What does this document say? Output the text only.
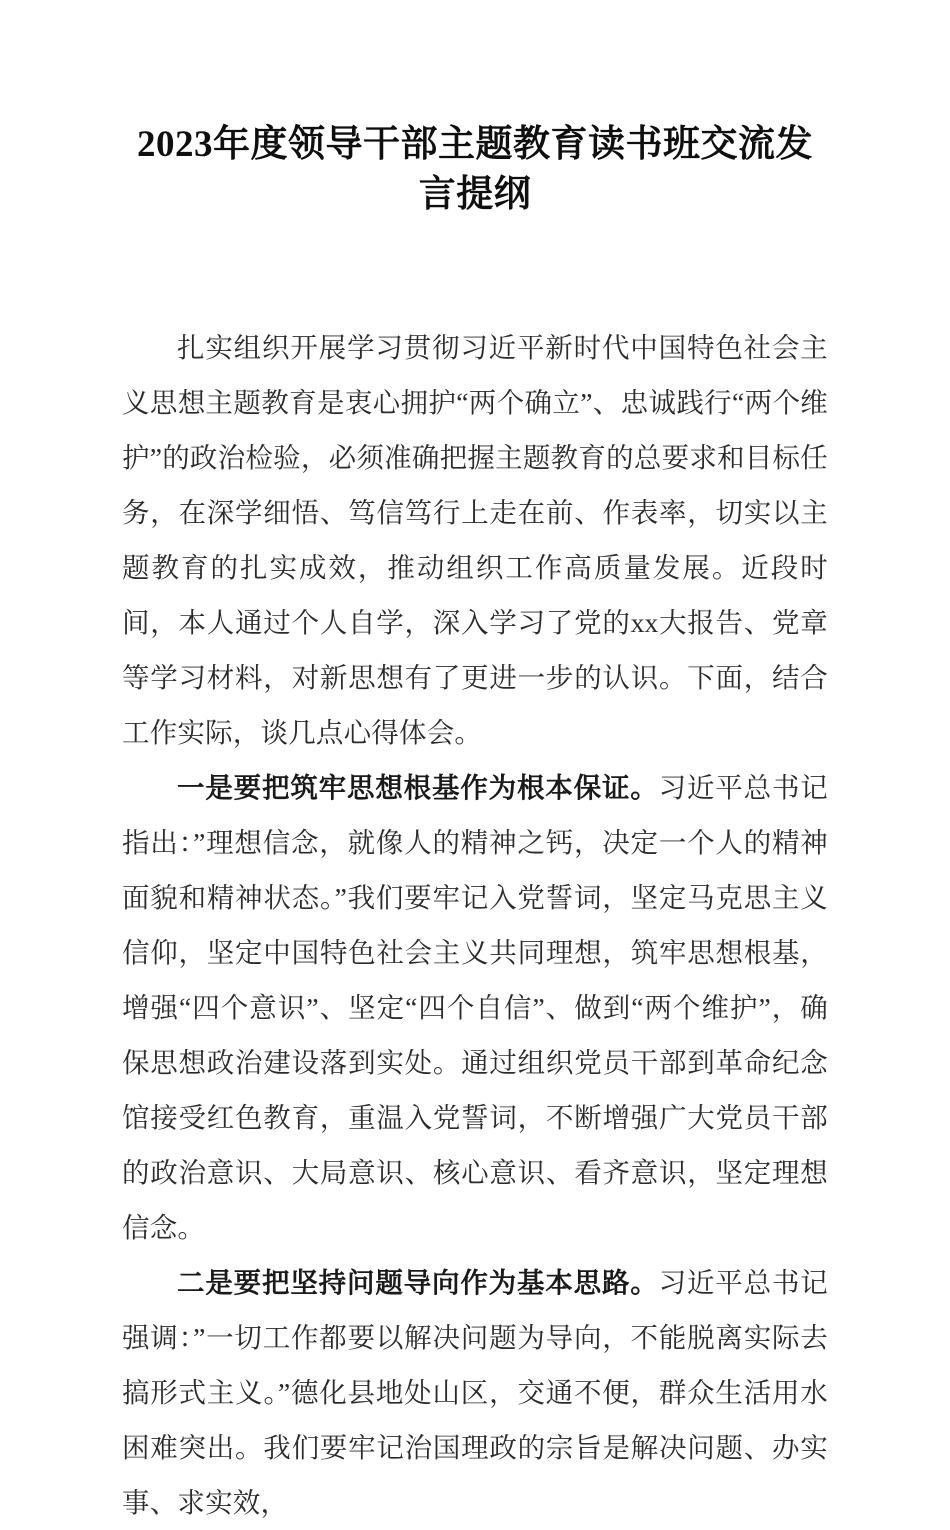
2023年度领导干部主题教育读书班交流发言提纲

扎实组织开展学习贯彻习近平新时代中国特色社会主义思想主题教育是衷心拥护“两个确立”、忠诚践行“两个维护”的政治检验，必须准确把握主题教育的总要求和目标任务，在深学细悟、笃信笃行上走在前、作表率，切实以主题教育的扎实成效，推动组织工作高质量发展。近段时间，本人通过个人自学，深入学习了党的xx大报告、党章等学习材料，对新思想有了更进一步的认识。下面，结合工作实际，谈几点心得体会。

一是要把筑牢思想根基作为根本保证。习近平总书记指出：”理想信念，就像人的精神之钙，决定一个人的精神面貌和精神状态。”我们要牢记入党誓词，坚定马克思主义信仰，坚定中国特色社会主义共同理想，筑牢思想根基，增强“四个意识”、坚定“四个自信”、做到“两个维护”，确保思想政治建设落到实处。通过组织党员干部到革命纪念馆接受红色教育，重温入党誓词，不断增强广大党员干部的政治意识、大局意识、核心意识、看齐意识，坚定理想信念。

二是要把坚持问题导向作为基本思路。习近平总书记强调：”一切工作都要以解决问题为导向，不能脱离实际去搞形式主义。”德化县地处山区，交通不便，群众生活用水困难突出。我们要牢记治国理政的宗旨是解决问题、办实事、求实效，
